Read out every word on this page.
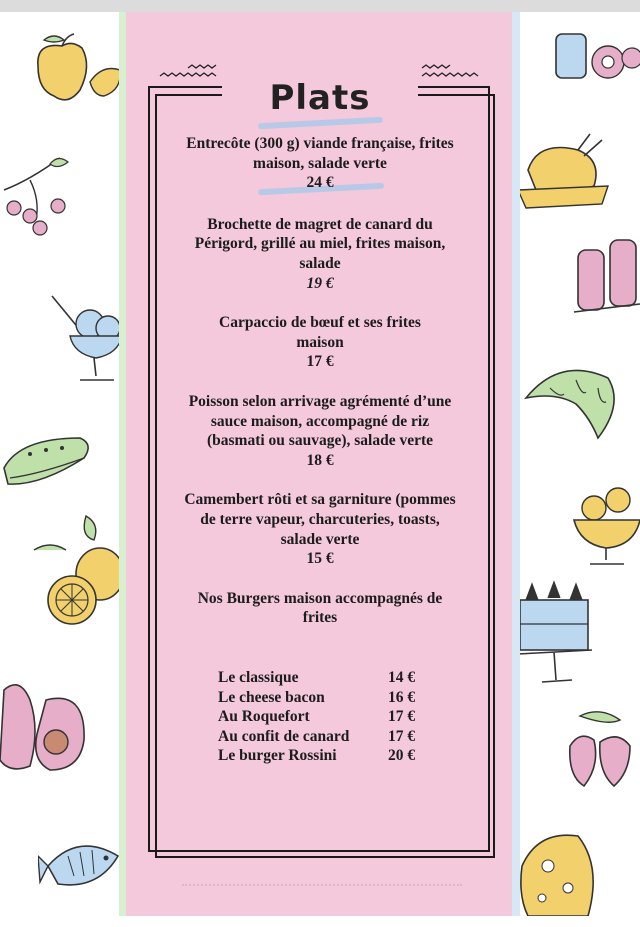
Plats

Entrecôte (300 g) viande française, frites maison, salade verte

24 €

Brochette de magret de canard du Périgord, grillé au miel, frites maison, salade

19 €

Carpaccio de bœuf et ses frites maison

17 €

Poisson selon arrivage agrémenté d’une sauce maison, accompagné de riz (basmati ou sauvage), salade verte

18 €

Camembert rôti et sa garniture (pommes de terre vapeur, charcuteries, toasts, salade verte

15 €

Nos Burgers maison accompagnés de frites

Le classique	14 €
Le cheese bacon	16 €
Au Roquefort	17 €
Au confit de canard 17 €
Le burger Rossini	20 €
